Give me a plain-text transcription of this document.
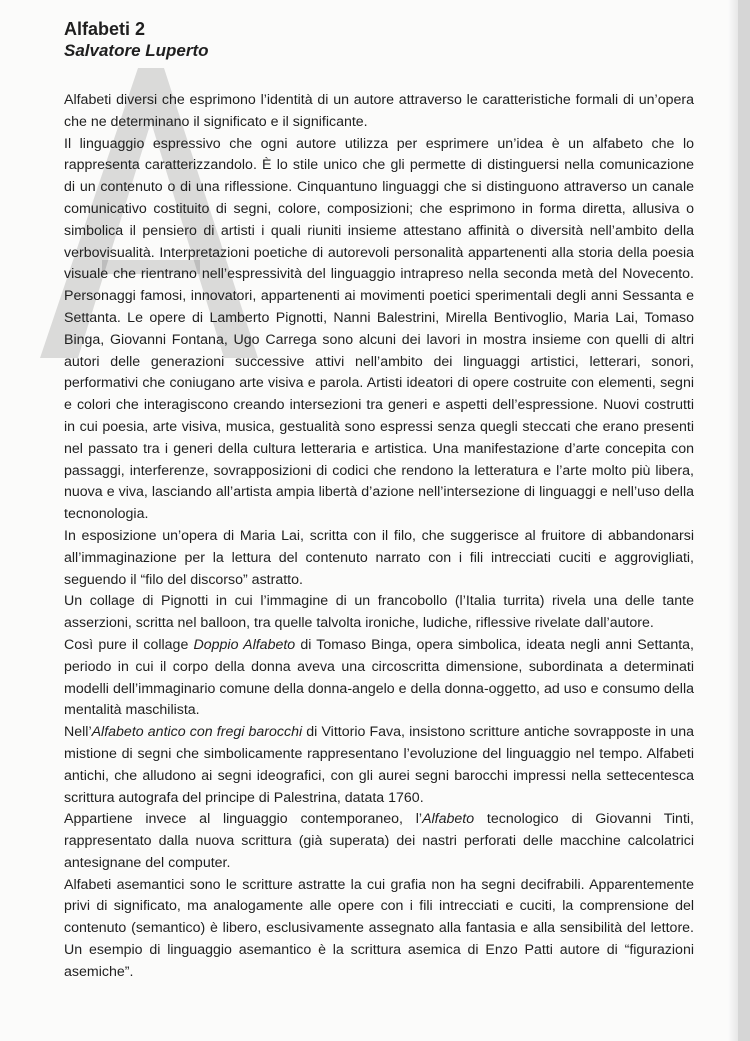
Alfabeti 2
Salvatore Luperto

Alfabeti diversi che esprimono l’identità di un autore attraverso le caratteristiche formali di un’opera che ne determinano il significato e il significante.

Il linguaggio espressivo che ogni autore utilizza per esprimere un’idea è un alfabeto che lo rappresenta caratterizzandolo. È lo stile unico che gli permette di distinguersi nella comunicazione di un contenuto o di una riflessione. Cinquantuno linguaggi che si distinguono attraverso un canale comunicativo costituito di segni, colore, composizioni; che esprimono in forma diretta, allusiva o simbolica il pensiero di artisti i quali riuniti insieme attestano affinità o diversità nell’ambito della verbovisualità. Interpretazioni poetiche di autorevoli personalità appartenenti alla storia della poesia visuale che rientrano nell’espressività del linguaggio intrapreso nella seconda metà del Novecento. Personaggi famosi, innovatori, appartenenti ai movimenti poetici sperimentali degli anni Sessanta e Settanta. Le opere di Lamberto Pignotti, Nanni Balestrini, Mirella Bentivoglio, Maria Lai, Tomaso Binga, Giovanni Fontana, Ugo Carrega sono alcuni dei lavori in mostra insieme con quelli di altri autori delle generazioni successive attivi nell’ambito dei linguaggi artistici, letterari, sonori, performativi che coniugano arte visiva e parola. Artisti ideatori di opere costruite con elementi, segni e colori che interagiscono creando intersezioni tra generi e aspetti dell’espressione. Nuovi costrutti in cui poesia, arte visiva, musica, gestualità sono espressi senza quegli steccati che erano presenti nel passato tra i generi della cultura letteraria e artistica. Una manifestazione d’arte concepita con passaggi, interferenze, sovrapposizioni di codici che rendono la letteratura e l’arte molto più libera, nuova e viva, lasciando all’artista ampia libertà d’azione nell’intersezione di linguaggi e nell’uso della tecnonologia.

In esposizione un’opera di Maria Lai, scritta con il filo, che suggerisce al fruitore di abbandonarsi all’immaginazione per la lettura del contenuto narrato con i fili intrecciati cuciti e aggrovigliati, seguendo il “filo del discorso” astratto.

Un collage di Pignotti in cui l’immagine di un francobollo (l’Italia turrita) rivela una delle tante asserzioni, scritta nel balloon, tra quelle talvolta ironiche, ludiche, riflessive rivelate dall’autore.

Così pure il collage Doppio Alfabeto di Tomaso Binga, opera simbolica, ideata negli anni Settanta, periodo in cui il corpo della donna aveva una circoscritta dimensione, subordinata a determinati modelli dell’immaginario comune della donna-angelo e della donna-oggetto, ad uso e consumo della mentalità maschilista.

Nell’Alfabeto antico con fregi barocchi di Vittorio Fava, insistono scritture antiche sovrapposte in una mistione di segni che simbolicamente rappresentano l’evoluzione del linguaggio nel tempo. Alfabeti antichi, che alludono ai segni ideografici, con gli aurei segni barocchi impressi nella settecentesca scrittura autografa del principe di Palestrina, datata 1760.

Appartiene invece al linguaggio contemporaneo, l’Alfabeto tecnologico di Giovanni Tinti, rappresentato dalla nuova scrittura (già superata) dei nastri perforati delle macchine calcolatrici antesignane del computer.

Alfabeti asemantici sono le scritture astratte la cui grafia non ha segni decifrabili. Apparentemente privi di significato, ma analogamente alle opere con i fili intrecciati e cuciti, la comprensione del contenuto (semantico) è libero, esclusivamente assegnato alla fantasia e alla sensibilità del lettore. Un esempio di linguaggio asemantico è la scrittura asemica di Enzo Patti autore di “figurazioni asemiche”.
